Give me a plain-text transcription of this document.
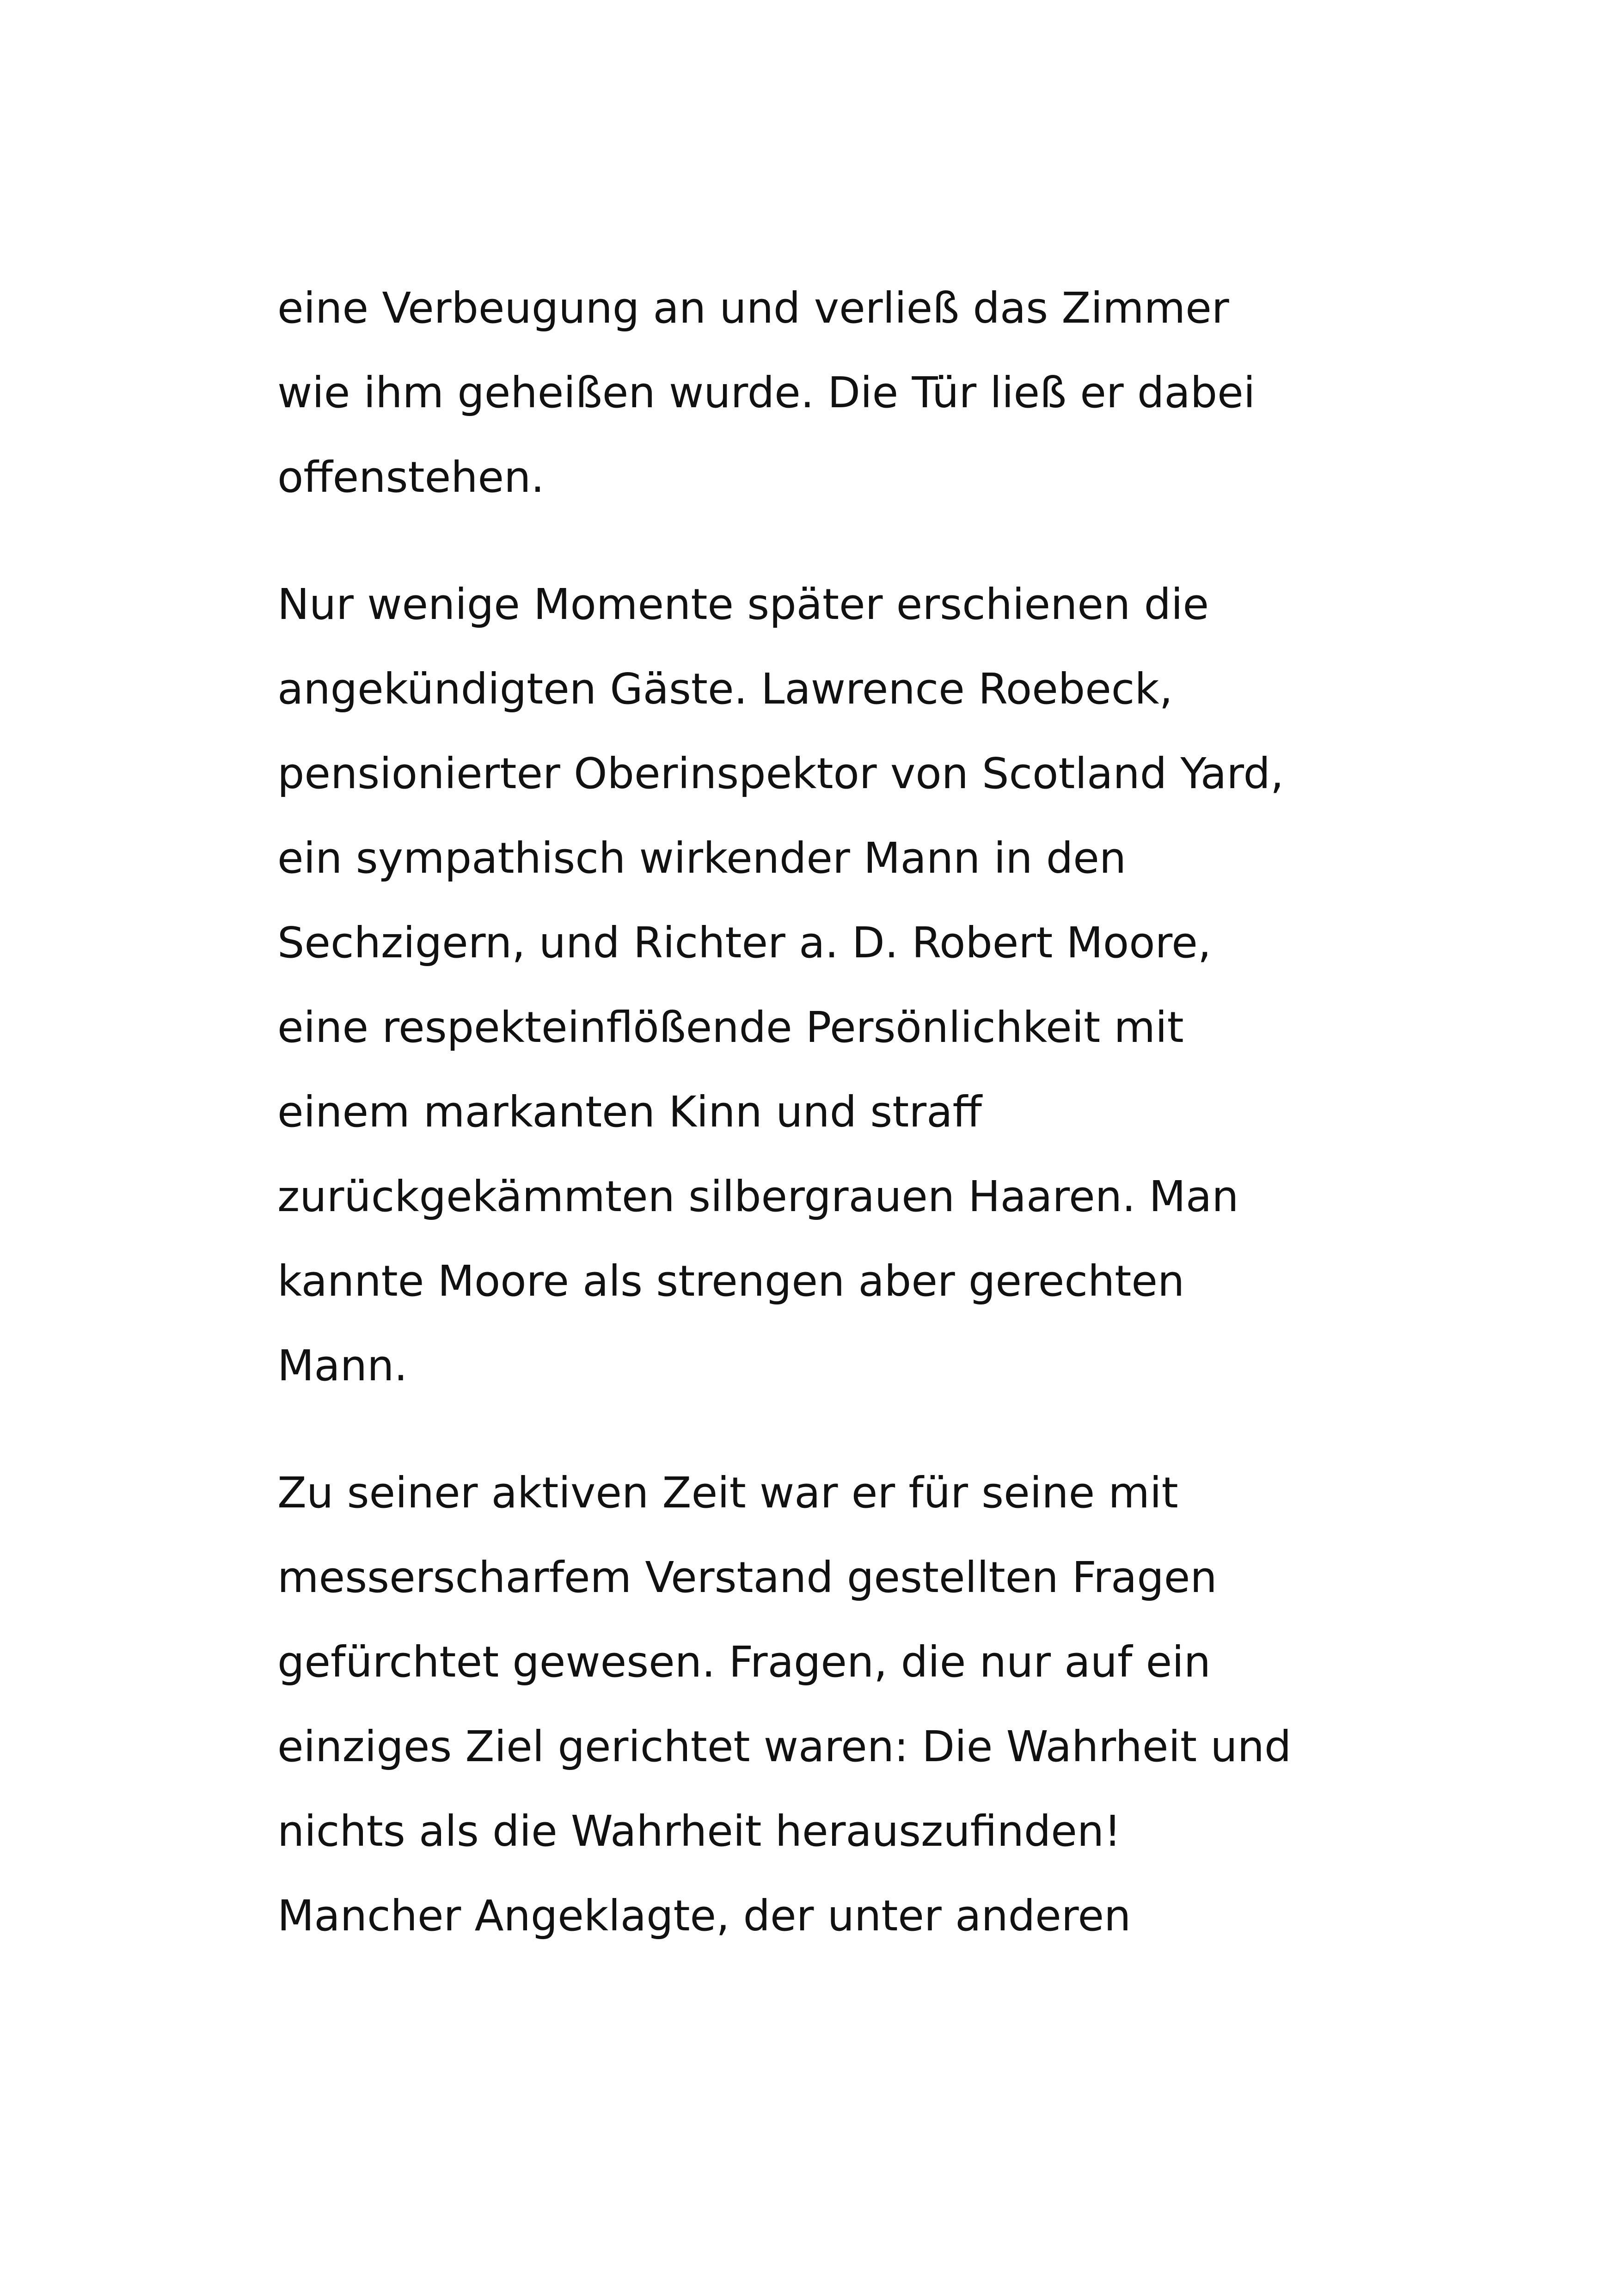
eine Verbeugung an und verließ das Zimmer
wie ihm geheißen wurde. Die Tür ließ er dabei
offenstehen.

Nur wenige Momente später erschienen die
angekündigten Gäste. Lawrence Roebeck,
pensionierter Oberinspektor von Scotland Yard,
ein sympathisch wirkender Mann in den
Sechzigern, und Richter a. D. Robert Moore,
eine respekteinflößende Persönlichkeit mit
einem markanten Kinn und straff
zurückgekämmten silbergrauen Haaren. Man
kannte Moore als strengen aber gerechten
Mann.

Zu seiner aktiven Zeit war er für seine mit
messerscharfem Verstand gestellten Fragen
gefürchtet gewesen. Fragen, die nur auf ein
einziges Ziel gerichtet waren: Die Wahrheit und
nichts als die Wahrheit herauszufinden!
Mancher Angeklagte, der unter anderen
